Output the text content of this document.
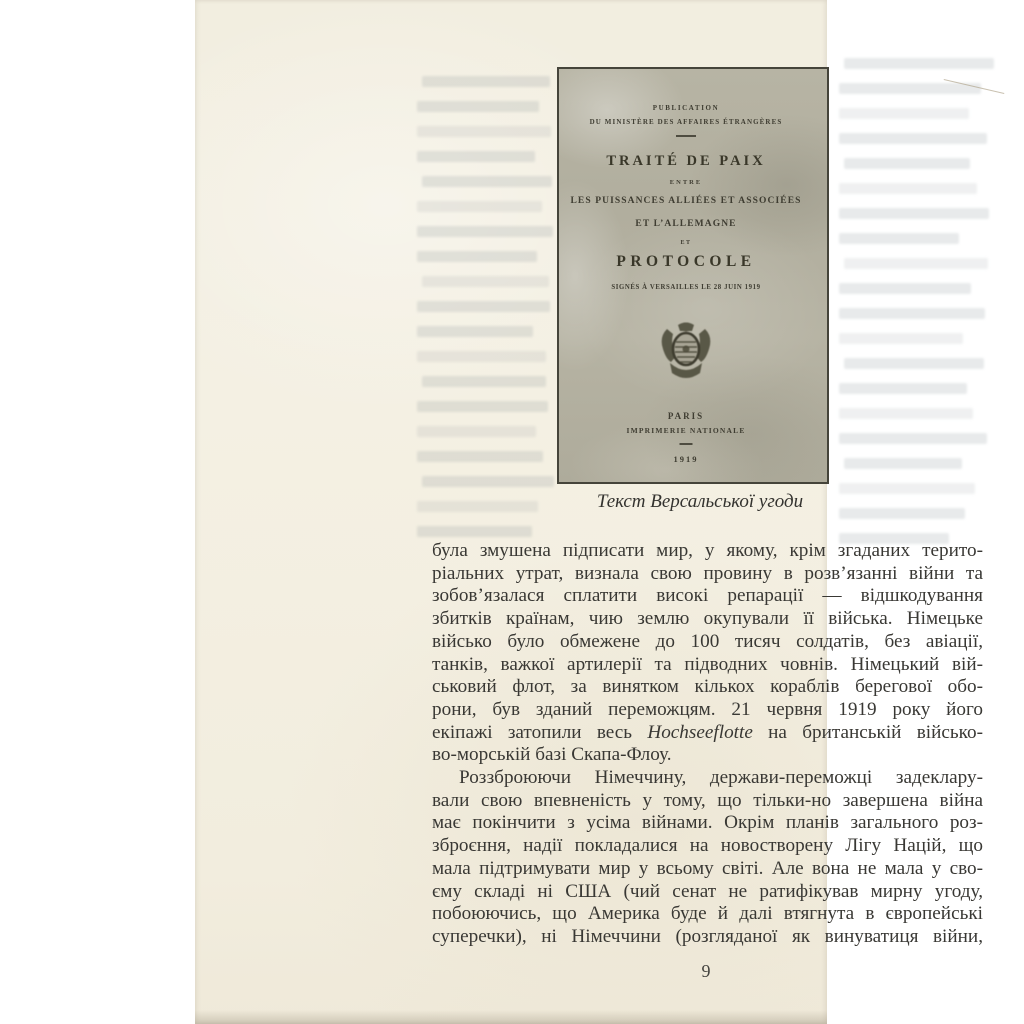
PUBLICATION
DU MINISTÈRE DES AFFAIRES ÉTRANGÈRES
TRAITÉ DE PAIX
ENTRE
LES PUISSANCES ALLIÉES ET ASSOCIÉES
ET L’ALLEMAGNE
ET
PROTOCOLE
SIGNÉS À VERSAILLES LE 28 JUIN 1919
PARIS
IMPRIMERIE NATIONALE
1919
Текст Версальської угоди
була змушена підписати мир, у якому, крім згаданих терито-
ріальних утрат, визнала свою провину в розв’язанні війни та
зобов’язалася сплатити високі репарації — відшкодування
збитків країнам, чию землю окупували її війська. Німецьке
військо було обмежене до 100 тисяч солдатів, без авіації,
танків, важкої артилерії та підводних човнів. Німецький вій-
ськовий флот, за винятком кількох кораблів берегової обо-
рони, був зданий переможцям. 21 червня 1919 року його
екіпажі затопили весь Hochseeflotte на британській військо-
во-морській базі Скапа-Флоу.
Роззброюючи Німеччину, держави-переможці задеклару-
вали свою впевненість у тому, що тільки-но завершена війна
має покінчити з усіма війнами. Окрім планів загального роз-
зброєння, надії покладалися на новостворену Лігу Націй, що
мала підтримувати мир у всьому світі. Але вона не мала у сво-
єму складі ні США (чий сенат не ратифікував мирну угоду,
побоюючись, що Америка буде й далі втягнута в європейські
суперечки), ні Німеччини (розгляданої як винуватиця війни,
9
